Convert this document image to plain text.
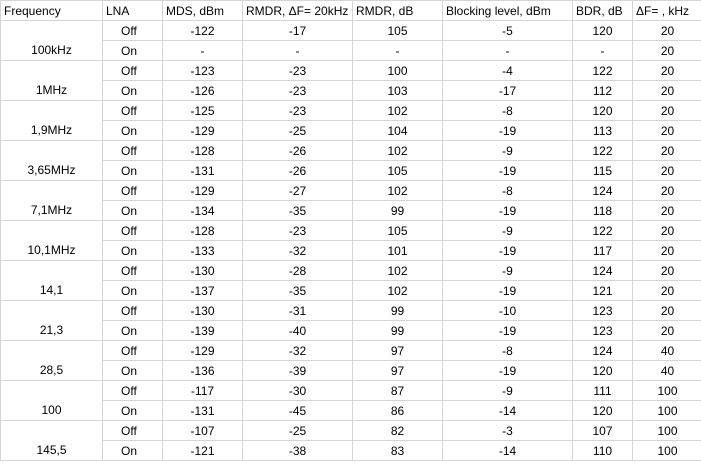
Frequency	LNA	MDS, dBm	RMDR, ΔF= 20kHz	RMDR, dB	Blocking level, dBm	BDR, dB	ΔF= , kHz
100kHz	Off	-122	-17	105	-5	120	20
	On	-	-	-	-	-	20
1MHz	Off	-123	-23	100	-4	122	20
	On	-126	-23	103	-17	112	20
1,9MHz	Off	-125	-23	102	-8	120	20
	On	-129	-25	104	-19	113	20
3,65MHz	Off	-128	-26	102	-9	122	20
	On	-131	-26	105	-19	115	20
7,1MHz	Off	-129	-27	102	-8	124	20
	On	-134	-35	99	-19	118	20
10,1MHz	Off	-128	-23	105	-9	122	20
	On	-133	-32	101	-19	117	20
14,1	Off	-130	-28	102	-9	124	20
	On	-137	-35	102	-19	121	20
21,3	Off	-130	-31	99	-10	123	20
	On	-139	-40	99	-19	123	20
28,5	Off	-129	-32	97	-8	124	40
	On	-136	-39	97	-19	120	40
100	Off	-117	-30	87	-9	111	100
	On	-131	-45	86	-14	120	100
145,5	Off	-107	-25	82	-3	107	100
	On	-121	-38	83	-14	110	100
